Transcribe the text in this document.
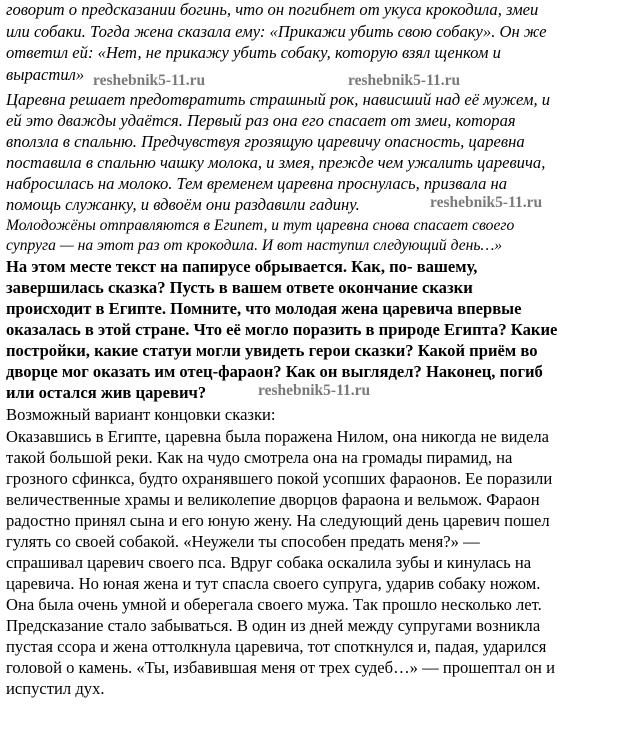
говорит о предсказании богинь, что он погибнет от укуса крокодила, змеи
или собаки. Тогда жена сказала ему: «Прикажи убить свою собаку». Он же
ответил ей: «Нет, не прикажу убить собаку, которую взял щенком и
вырастил»
Царевна решает предотвратить страшный рок, нависший над её мужем, и
ей это дважды удаётся. Первый раз она его спасает от змеи, которая
вползла в спальню. Предчувствуя грозящую царевичу опасность, царевна
поставила в спальню чашку молока, и змея, прежде чем ужалить царевича,
набросилась на молоко. Тем временем царевна проснулась, призвала на
помощь служанку, и вдвоём они раздавили гадину.
Молодожёны отправляются в Египет, и тут царевна снова спасает своего
супруга — на этот раз от крокодила. И вот наступил следующий день…»
На этом месте текст на папирусе обрывается. Как, по- вашему,
завершилась сказка? Пусть в вашем ответе окончание сказки
происходит в Египте. Помните, что молодая жена царевича впервые
оказалась в этой стране. Что её могло поразить в природе Египта? Какие
постройки, какие статуи могли увидеть герои сказки? Какой приём во
дворце мог оказать им отец-фараон? Как он выглядел? Наконец, погиб
или остался жив царевич?
Возможный вариант концовки сказки:
Оказавшись в Египте, царевна была поражена Нилом, она никогда не видела
такой большой реки. Как на чудо смотрела она на громады пирамид, на
грозного сфинкса, будто охранявшего покой усопших фараонов. Ее поразили
величественные храмы и великолепие дворцов фараона и вельмож. Фараон
радостно принял сына и его юную жену. На следующий день царевич пошел
гулять со своей собакой. «Неужели ты способен предать меня?» —
спрашивал царевич своего пса. Вдруг собака оскалила зубы и кинулась на
царевича. Но юная жена и тут спасла своего супруга, ударив собаку ножом.
Она была очень умной и оберегала своего мужа. Так прошло несколько лет.
Предсказание стало забываться. В один из дней между супругами возникла
пустая ссора и жена оттолкнула царевича, тот споткнулся и, падая, ударился
головой о камень. «Ты, избавившая меня от трех судеб…» — прошептал он и
испустил дух.
reshebnik5-11.ru	reshebnik5-11.ru
reshebnik5-11.ru
reshebnik5-11.ru
